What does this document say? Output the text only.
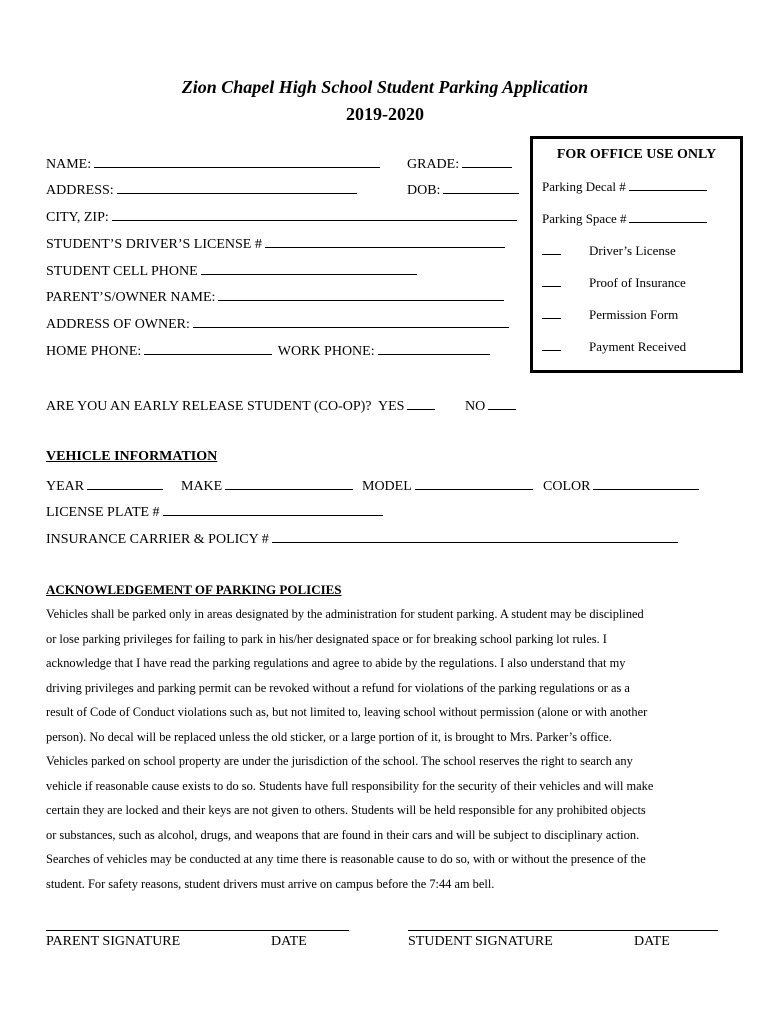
Zion Chapel High School Student Parking Application
2019-2020
NAME:	GRADE:
ADDRESS:	DOB:
CITY, ZIP:
STUDENT’S DRIVER’S LICENSE #
STUDENT CELL PHONE
PARENT’S/OWNER NAME:
ADDRESS OF OWNER:
HOME PHONE:	WORK PHONE:
FOR OFFICE USE ONLY
Parking Decal #
Parking Space #
Driver’s License
Proof of Insurance
Permission Form
Payment Received
ARE YOU AN EARLY RELEASE STUDENT (CO-OP)? YES	NO
VEHICLE INFORMATION
YEAR	MAKE	MODEL	COLOR
LICENSE PLATE #
INSURANCE CARRIER & POLICY #
ACKNOWLEDGEMENT OF PARKING POLICIES

Vehicles shall be parked only in areas designated by the administration for student parking. A student may be disciplined

or lose parking privileges for failing to park in his/her designated space or for breaking school parking lot rules. I

acknowledge that I have read the parking regulations and agree to abide by the regulations. I also understand that my

driving privileges and parking permit can be revoked without a refund for violations of the parking regulations or as a

result of Code of Conduct violations such as, but not limited to, leaving school without permission (alone or with another

person). No decal will be replaced unless the old sticker, or a large portion of it, is brought to Mrs. Parker’s office.

Vehicles parked on school property are under the jurisdiction of the school. The school reserves the right to search any

vehicle if reasonable cause exists to do so. Students have full responsibility for the security of their vehicles and will make

certain they are locked and their keys are not given to others. Students will be held responsible for any prohibited objects

or substances, such as alcohol, drugs, and weapons that are found in their cars and will be subject to disciplinary action.

Searches of vehicles may be conducted at any time there is reasonable cause to do so, with or without the presence of the

student. For safety reasons, student drivers must arrive on campus before the 7:44 am bell.

PARENT SIGNATURE	DATE	STUDENT SIGNATURE	DATE
